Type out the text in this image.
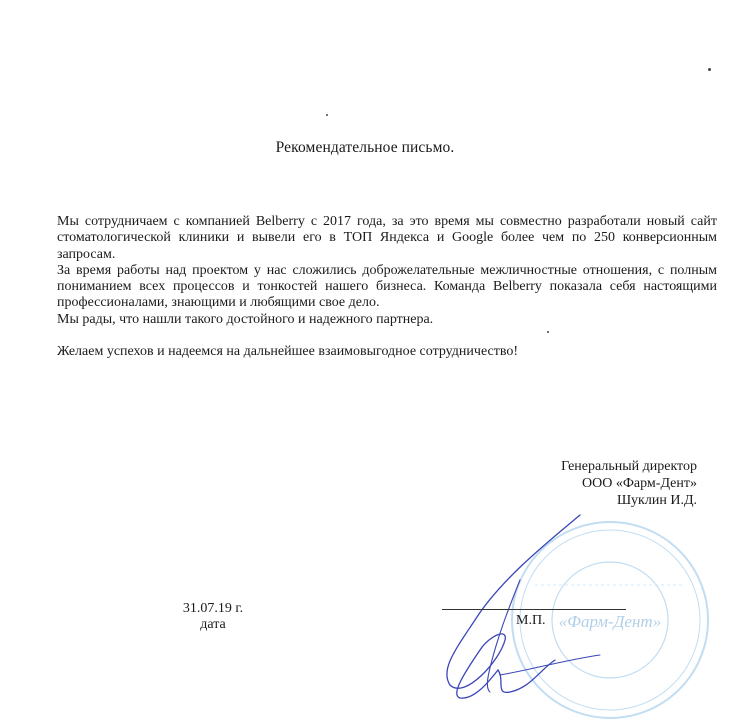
Рекомендательное письмо.

Мы сотрудничаем с компанией Belberry с 2017 года, за это время мы совместно разработали новый сайт стоматологической клиники и вывели его в ТОП Яндекса и Google более чем по 250 конверсионным запросам.

За время работы над проектом у нас сложились доброжелательные межличностные отношения, с полным пониманием всех процессов и тонкостей нашего бизнеса. Команда Belberry показала себя настоящими профессионалами, знающими и любящими свое дело.

Мы рады, что нашли такого достойного и надежного партнера.

Желаем успехов и надеемся на дальнейшее взаимовыгодное сотрудничество!

Генеральный директор
ООО «Фарм-Дент»
Шуклин И.Д.
«Фарм-Дент»
31.07.19 г.
дата	М.П.
